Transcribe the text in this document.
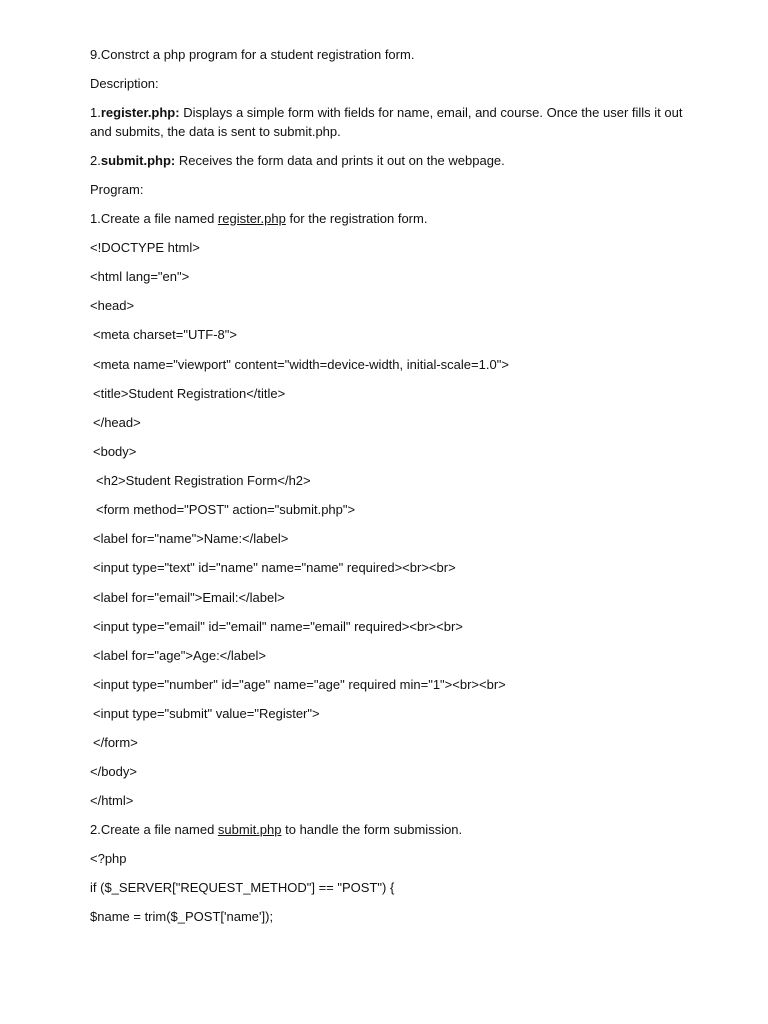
9.Constrct a php program for a student registration form.
Description:
1.register.php: Displays a simple form with fields for name, email, and course. Once the user fills it out and submits, the data is sent to submit.php.
2.submit.php: Receives the form data and prints it out on the webpage.
Program:
1.Create a file named register.php for the registration form.
<!DOCTYPE html>
<html lang="en">
<head>
<meta charset="UTF-8">
<meta name="viewport" content="width=device-width, initial-scale=1.0">
<title>Student Registration</title>
</head>
<body>
<h2>Student Registration Form</h2>
<form method="POST" action="submit.php">
<label for="name">Name:</label>
<input type="text" id="name" name="name" required><br><br>
<label for="email">Email:</label>
<input type="email" id="email" name="email" required><br><br>
<label for="age">Age:</label>
<input type="number" id="age" name="age" required min="1"><br><br>
<input type="submit" value="Register">
</form>
</body>
</html>
2.Create a file named submit.php to handle the form submission.
<?php
if ($_SERVER["REQUEST_METHOD"] == "POST") {
$name = trim($_POST['name']);
